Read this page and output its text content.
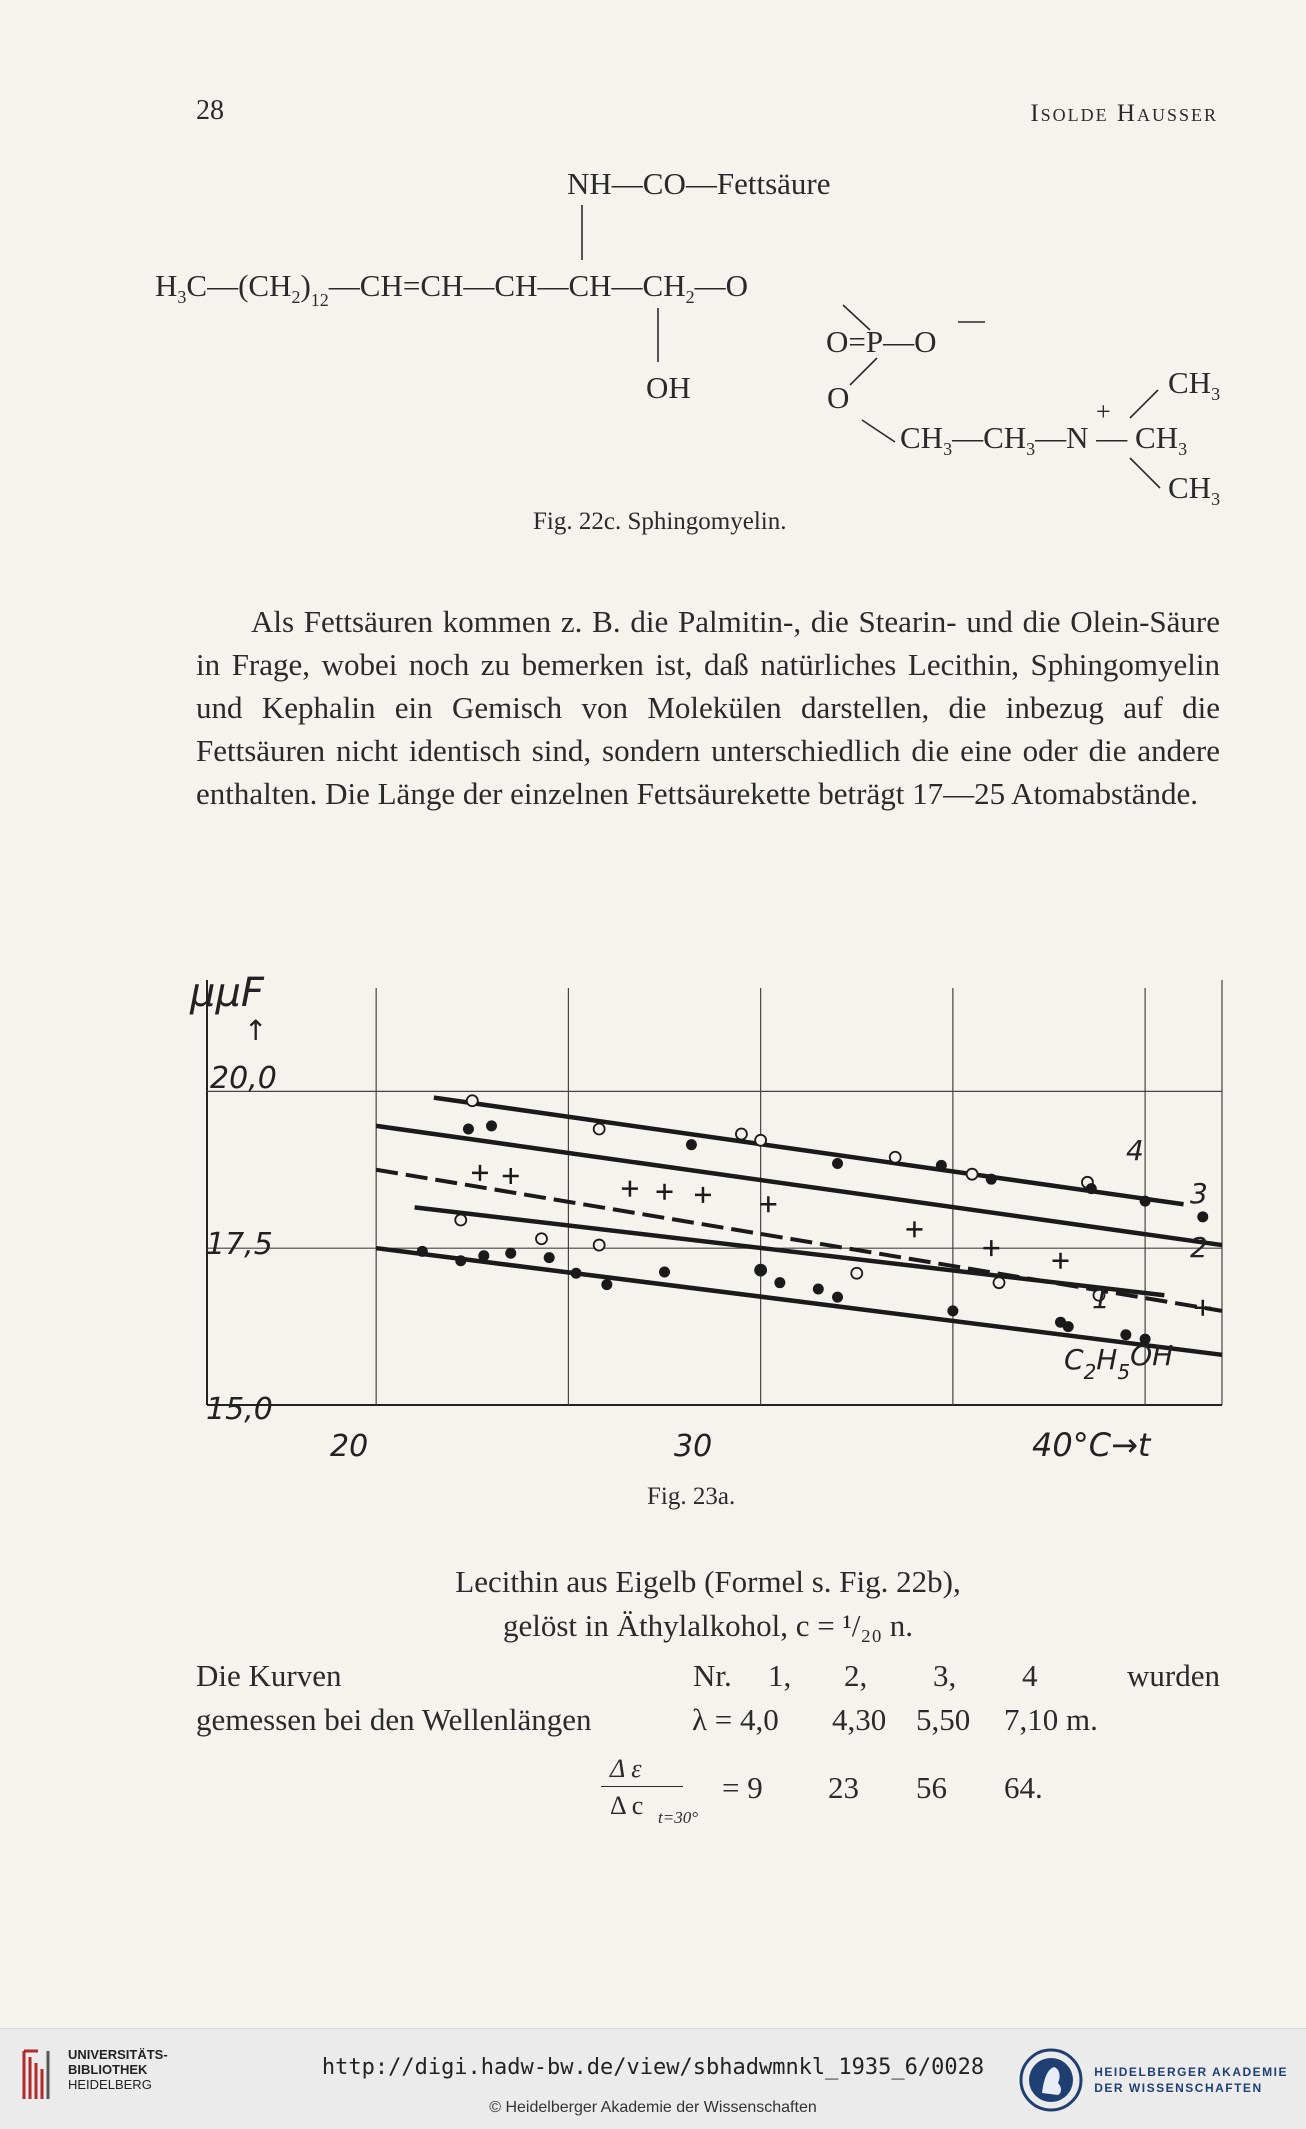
28	Isolde Hausser
NH—CO—Fettsäure
$H_3C—(CH_2)_{12}—CH=CH—CH—CH—CH_2—O$
O=P—O
OH	O	$CH_3$
+
$CH_3—CH_3—N$ — $CH_3$
$CH_3$
Fig. 22c. Sphingomyelin.

Als Fettsäuren kommen z. B. die Palmitin-, die Stearin- und die Olein-Säure in Frage, wobei noch zu bemerken ist, daß natürliches Lecithin, Sphingomyelin und Kephalin ein Gemisch von Molekülen darstellen, die inbezug auf die Fettsäuren nicht identisch sind, sondern unterschiedlich die eine oder die andere enthalten. Die Länge der einzelnen Fettsäurekette beträgt 17—25 Atomabstände.

μμF
↑
20,0
17,5
15,0
20	30	40°C→t
4
3
2
1
$C_2H_5OH$
Fig. 23a.
Lecithin aus Eigelb (Formel s. Fig. 22b),
gelöst in Äthylalkohol, c = ¹/₂₀ n.
Die Kurven	Nr. 1, 2, 3, 4	wurden
gemessen bei den Wellenlängen	λ = 4,0 4,30 5,50 7,10 m.
Δ ε
Δ c t=30°
= 9 23 56 64.
UNIVERSITÄTS-
BIBLIOTHEK
HEIDELBERG
http://digi.hadw-bw.de/view/sbhadwmnkl_1935_6/0028
© Heidelberger Akademie der Wissenschaften
HEIDELBERGER AKADEMIE
DER WISSENSCHAFTEN
